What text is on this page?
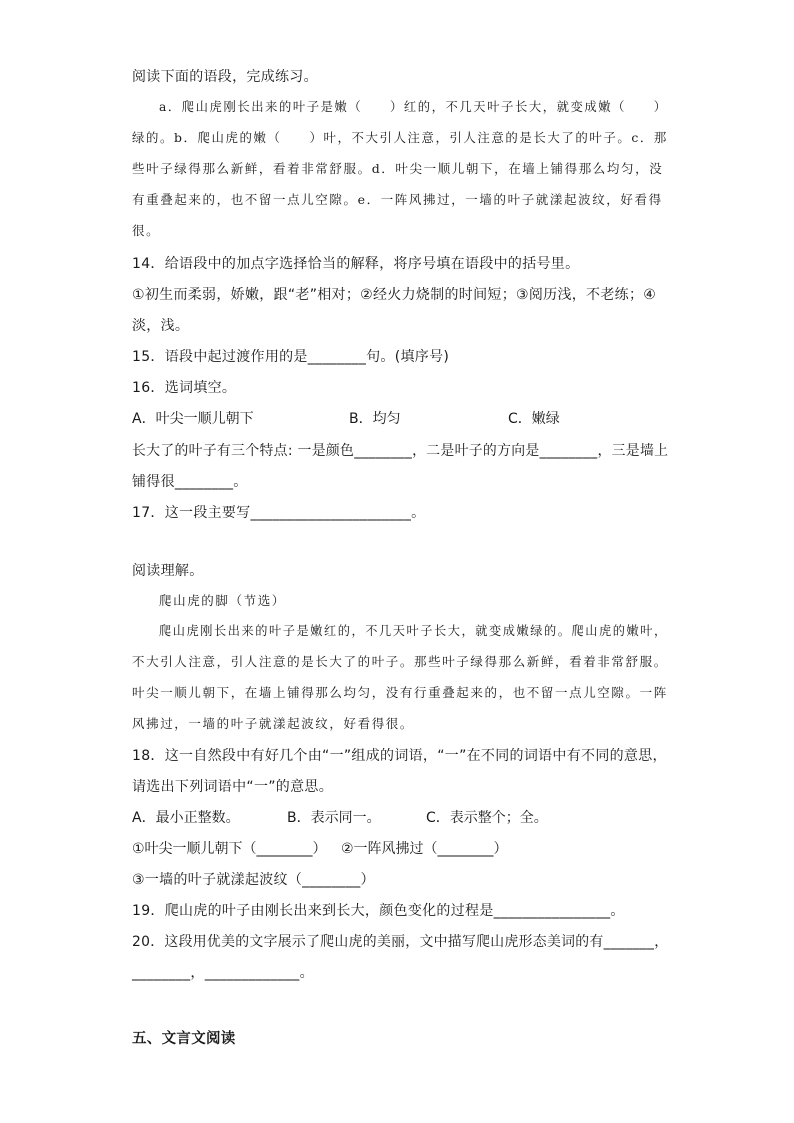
阅读下面的语段，完成练习。
a．爬山虎刚长出来的叶子是嫩（　　）红的，不几天叶子长大，就变成嫩（　　）
绿的。b．爬山虎的嫩（　　）叶，不大引人注意，引人注意的是长大了的叶子。c．那
些叶子绿得那么新鲜，看着非常舒服。d．叶尖一顺儿朝下，在墙上铺得那么均匀，没
有重叠起来的，也不留一点儿空隙。e．一阵风拂过，一墙的叶子就漾起波纹，好看得
很。
14．给语段中的加点字选择恰当的解释，将序号填在语段中的括号里。
①初生而柔弱，娇嫩，跟“老”相对；②经火力烧制的时间短；③阅历浅，不老练；④
淡，浅。
15．语段中起过渡作用的是________句。(填序号)
16．选词填空。
A．叶尖一顺儿朝下	B．均匀	C．嫩绿
长大了的叶子有三个特点: 一是颜色________，二是叶子的方向是________，三是墙上
铺得很________。
17．这一段主要写______________________。
阅读理解。
爬山虎的脚（节选）
爬山虎刚长出来的叶子是嫩红的，不几天叶子长大，就变成嫩绿的。爬山虎的嫩叶，
不大引人注意，引人注意的是长大了的叶子。那些叶子绿得那么新鲜，看着非常舒服。
叶尖一顺儿朝下，在墙上铺得那么均匀，没有行重叠起来的，也不留一点儿空隙。一阵
风拂过，一墙的叶子就漾起波纹，好看得很。
18．这一自然段中有好几个由“一”组成的词语，“一”在不同的词语中有不同的意思，
请选出下列词语中“一”的意思。
A．最小正整数。	B．表示同一。	C．表示整个；全。
①叶尖一顺儿朝下（________） ②一阵风拂过（________）
③一墙的叶子就漾起波纹（________）
19．爬山虎的叶子由刚长出来到长大，颜色变化的过程是________________。
20．这段用优美的文字展示了爬山虎的美丽，文中描写爬山虎形态美词的有_______，
________，_____________。
五、文言文阅读
